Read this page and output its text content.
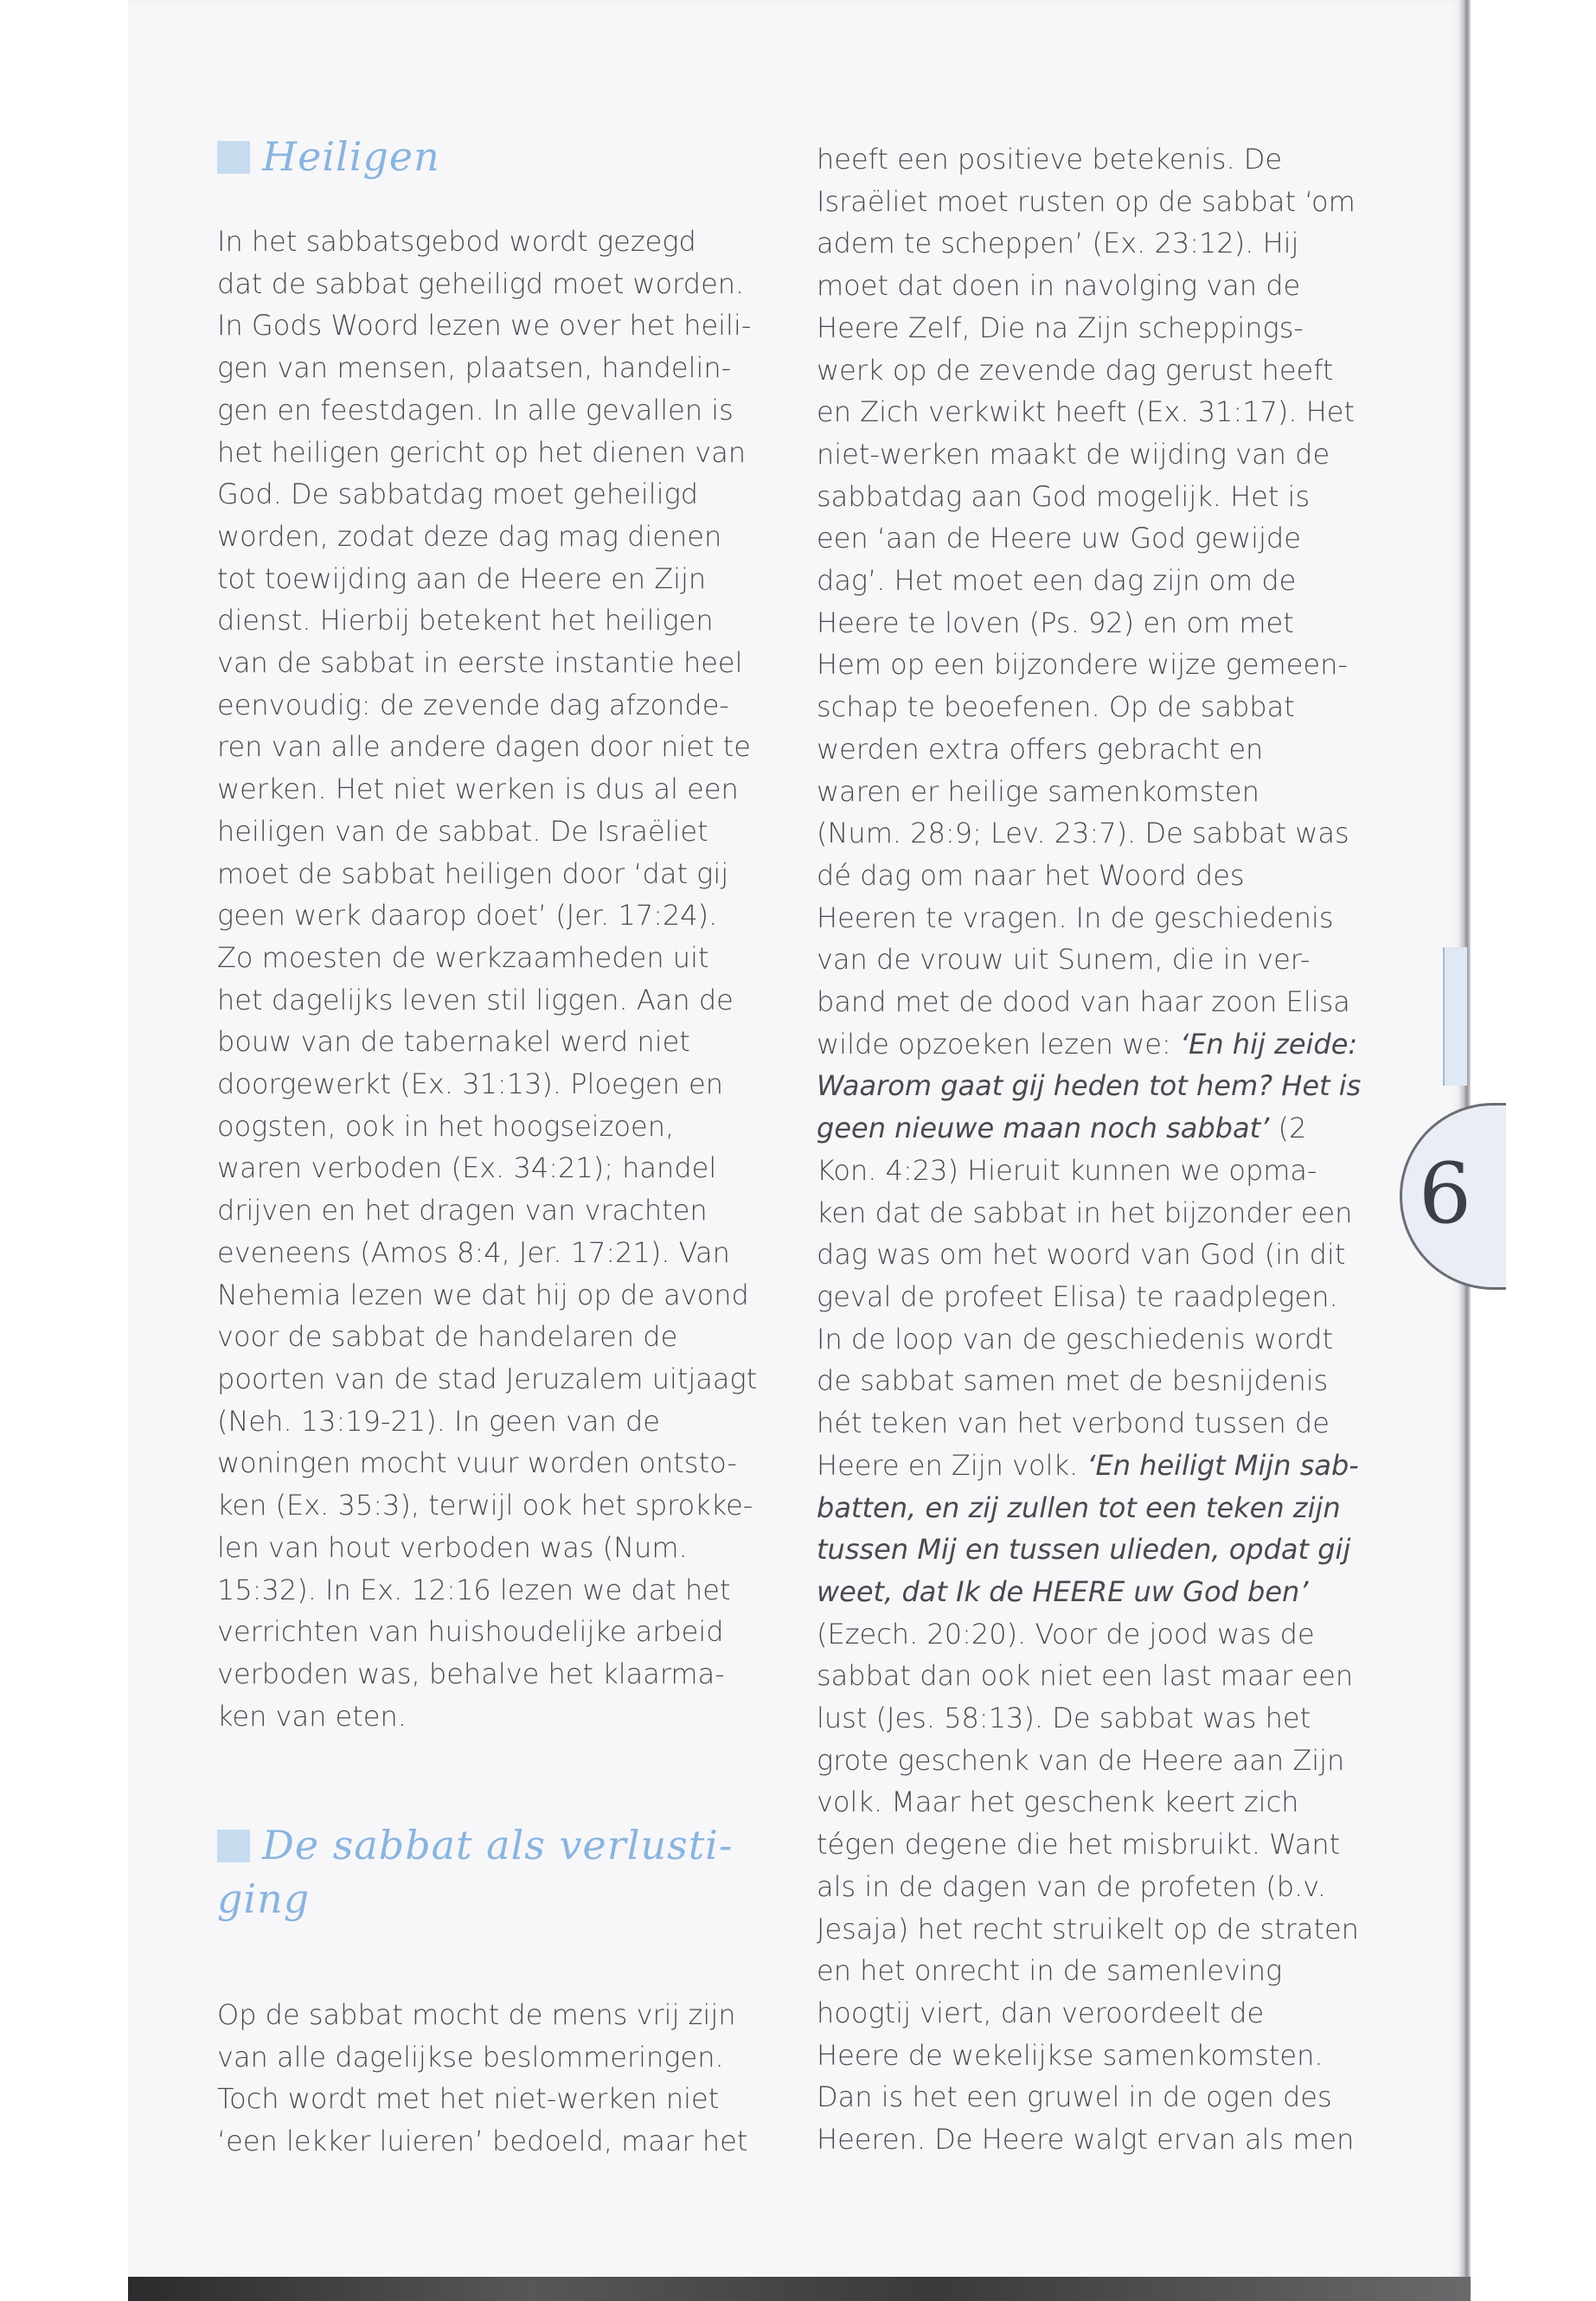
6
Heiligen
In het sabbatsgebod wordt gezegd
dat de sabbat geheiligd moet worden.
In Gods Woord lezen we over het heili-
gen van mensen, plaatsen, handelin-
gen en feestdagen. In alle gevallen is
het heiligen gericht op het dienen van
God. De sabbatdag moet geheiligd
worden, zodat deze dag mag dienen
tot toewijding aan de Heere en Zijn
dienst. Hierbij betekent het heiligen
van de sabbat in eerste instantie heel
eenvoudig: de zevende dag afzonde-
ren van alle andere dagen door niet te
werken. Het niet werken is dus al een
heiligen van de sabbat. De Israëliet
moet de sabbat heiligen door ‘dat gij
geen werk daarop doet’ (Jer. 17:24).
Zo moesten de werkzaamheden uit
het dagelijks leven stil liggen. Aan de
bouw van de tabernakel werd niet
doorgewerkt (Ex. 31:13). Ploegen en
oogsten, ook in het hoogseizoen,
waren verboden (Ex. 34:21); handel
drijven en het dragen van vrachten
eveneens (Amos 8:4, Jer. 17:21). Van
Nehemia lezen we dat hij op de avond
voor de sabbat de handelaren de
poorten van de stad Jeruzalem uitjaagt
(Neh. 13:19-21). In geen van de
woningen mocht vuur worden ontsto-
ken (Ex. 35:3), terwijl ook het sprokke-
len van hout verboden was (Num.
15:32). In Ex. 12:16 lezen we dat het
verrichten van huishoudelijke arbeid
verboden was, behalve het klaarma-
ken van eten.
De sabbat als verlusti-
ging
Op de sabbat mocht de mens vrij zijn
van alle dagelijkse beslommeringen.
Toch wordt met het niet-werken niet
‘een lekker luieren’ bedoeld, maar het
heeft een positieve betekenis. De
Israëliet moet rusten op de sabbat ‘om
adem te scheppen’ (Ex. 23:12). Hij
moet dat doen in navolging van de
Heere Zelf, Die na Zijn scheppings-
werk op de zevende dag gerust heeft
en Zich verkwikt heeft (Ex. 31:17). Het
niet-werken maakt de wijding van de
sabbatdag aan God mogelijk. Het is
een ‘aan de Heere uw God gewijde
dag’. Het moet een dag zijn om de
Heere te loven (Ps. 92) en om met
Hem op een bijzondere wijze gemeen-
schap te beoefenen. Op de sabbat
werden extra offers gebracht en
waren er heilige samenkomsten
(Num. 28:9; Lev. 23:7). De sabbat was
dé dag om naar het Woord des
Heeren te vragen. In de geschiedenis
van de vrouw uit Sunem, die in ver-
band met de dood van haar zoon Elisa
wilde opzoeken lezen we: ‘En hij zeide:
Waarom gaat gij heden tot hem? Het is
geen nieuwe maan noch sabbat’ (2
Kon. 4:23) Hieruit kunnen we opma-
ken dat de sabbat in het bijzonder een
dag was om het woord van God (in dit
geval de profeet Elisa) te raadplegen.
In de loop van de geschiedenis wordt
de sabbat samen met de besnijdenis
hét teken van het verbond tussen de
Heere en Zijn volk. ‘En heiligt Mijn sab-
batten, en zij zullen tot een teken zijn
tussen Mij en tussen ulieden, opdat gij
weet, dat Ik de HEERE uw God ben’
(Ezech. 20:20). Voor de jood was de
sabbat dan ook niet een last maar een
lust (Jes. 58:13). De sabbat was het
grote geschenk van de Heere aan Zijn
volk. Maar het geschenk keert zich
tégen degene die het misbruikt. Want
als in de dagen van de profeten (b.v.
Jesaja) het recht struikelt op de straten
en het onrecht in de samenleving
hoogtij viert, dan veroordeelt de
Heere de wekelijkse samenkomsten.
Dan is het een gruwel in de ogen des
Heeren. De Heere walgt ervan als men
